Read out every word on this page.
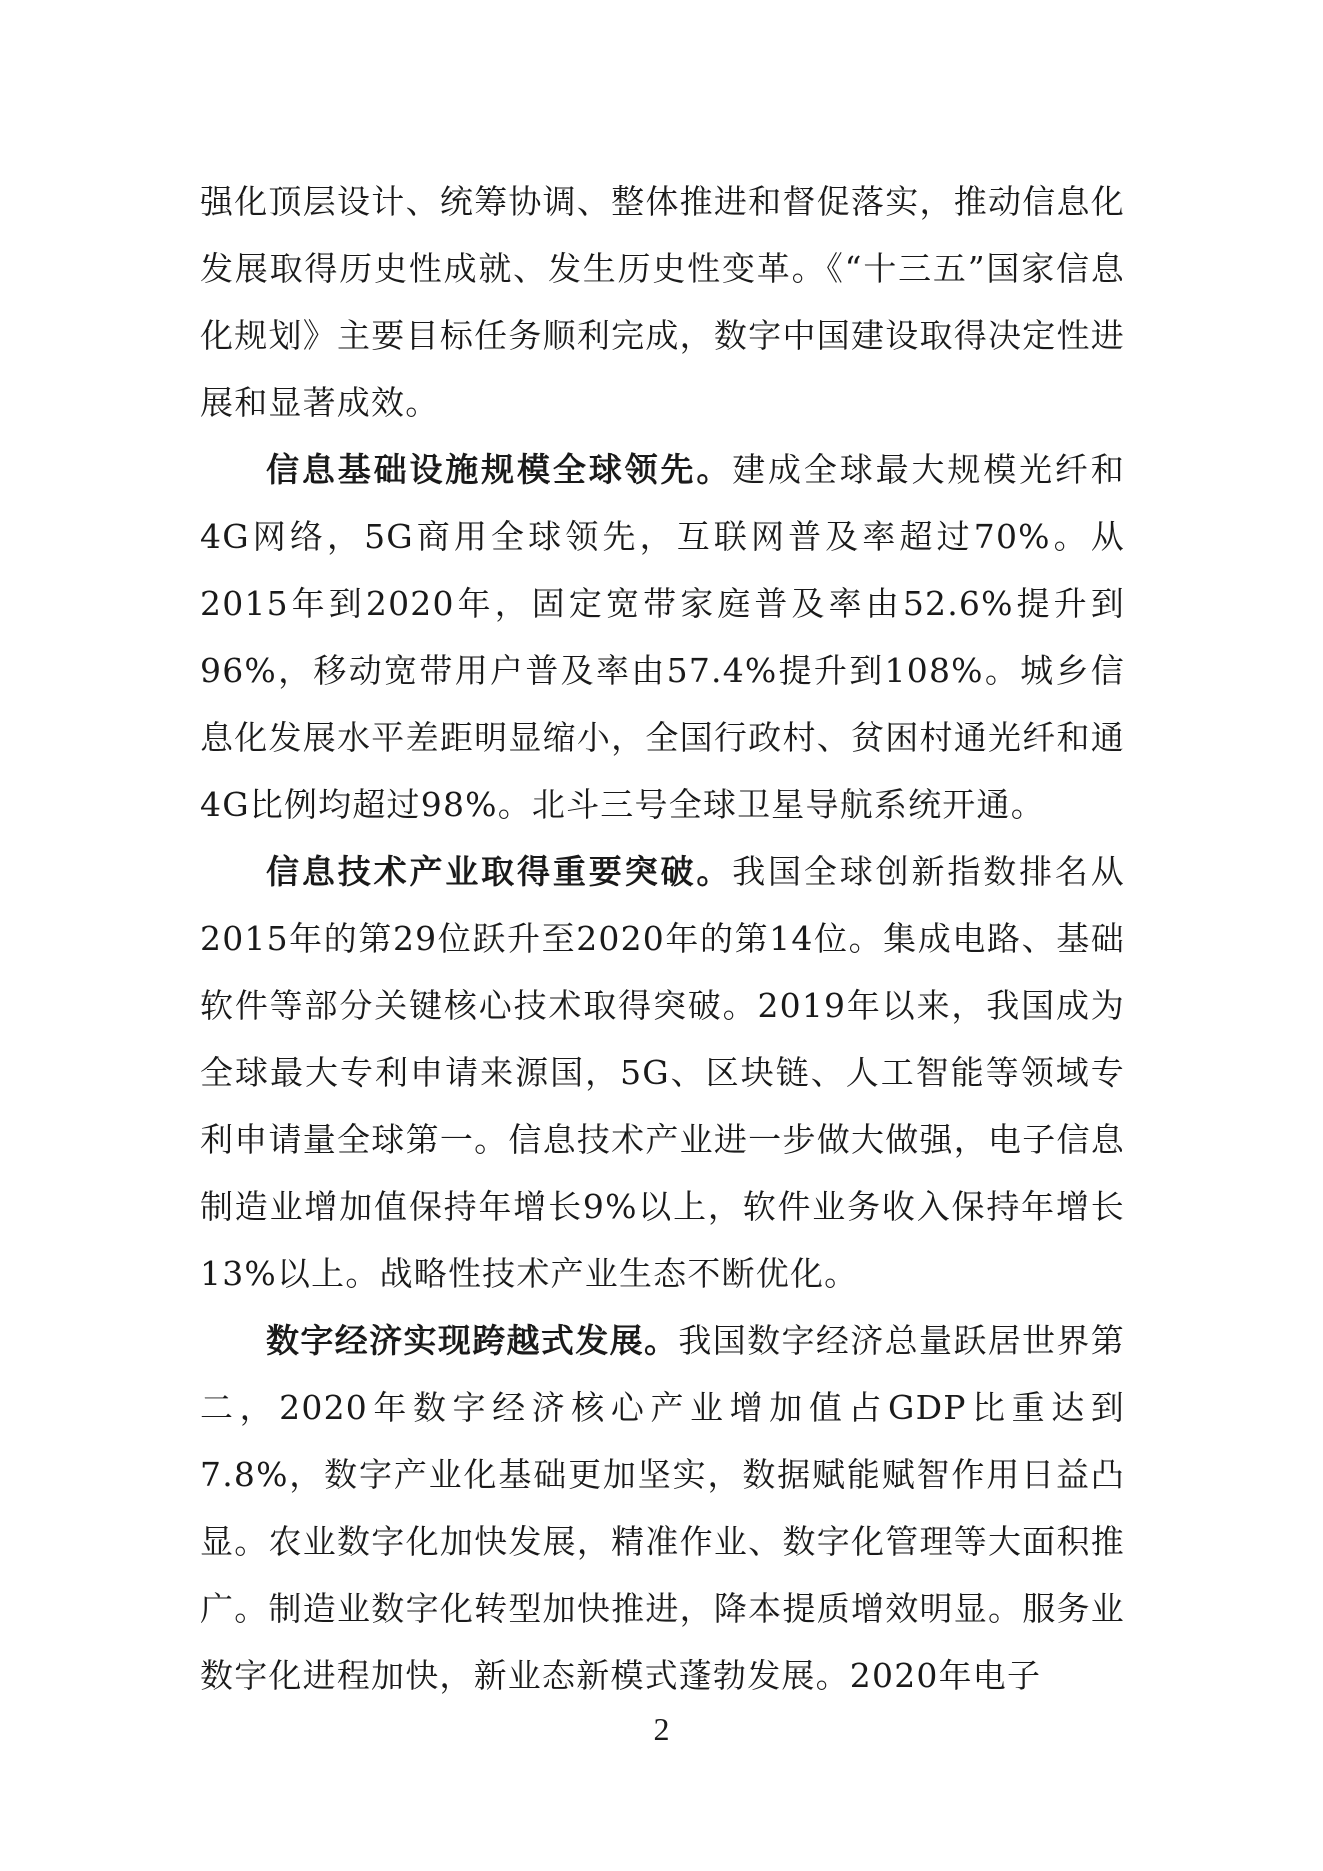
强化顶层设计、统筹协调、整体推进和督促落实，推动信息化发展取得历史性成就、发生历史性变革。《“十三五”国家信息化规划》主要目标任务顺利完成，数字中国建设取得决定性进展和显著成效。

信息基础设施规模全球领先。建成全球最大规模光纤和4G网络，5G商用全球领先，互联网普及率超过70%。从2015年到2020年，固定宽带家庭普及率由52.6%提升到96%，移动宽带用户普及率由57.4%提升到108%。城乡信息化发展水平差距明显缩小，全国行政村、贫困村通光纤和通4G比例均超过98%。北斗三号全球卫星导航系统开通。

信息技术产业取得重要突破。我国全球创新指数排名从2015年的第29位跃升至2020年的第14位。集成电路、基础软件等部分关键核心技术取得突破。2019年以来，我国成为全球最大专利申请来源国，5G、区块链、人工智能等领域专利申请量全球第一。信息技术产业进一步做大做强，电子信息制造业增加值保持年增长9%以上，软件业务收入保持年增长13%以上。战略性技术产业生态不断优化。

数字经济实现跨越式发展。我国数字经济总量跃居世界第二，2020年数字经济核心产业增加值占GDP比重达到7.8%，数字产业化基础更加坚实，数据赋能赋智作用日益凸显。农业数字化加快发展，精准作业、数字化管理等大面积推广。制造业数字化转型加快推进，降本提质增效明显。服务业数字化进程加快，新业态新模式蓬勃发展。2020年电子

2
